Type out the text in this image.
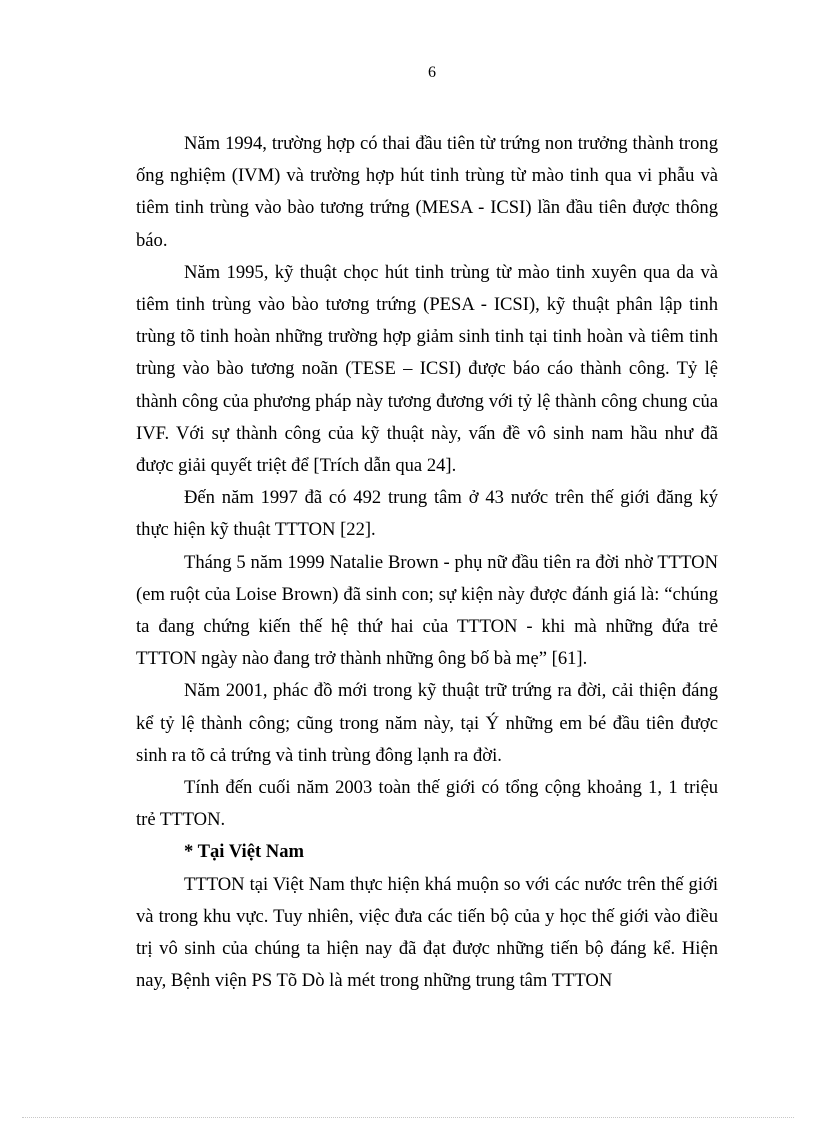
6

Năm 1994, trường hợp có thai đầu tiên từ trứng non trưởng thành trong ống nghiệm (IVM) và trường hợp hút tinh trùng từ mào tinh qua vi phẫu và tiêm tinh trùng vào bào tương trứng (MESA - ICSI) lần đầu tiên được thông báo.

Năm 1995, kỹ thuật chọc hút tinh trùng từ mào tinh xuyên qua da và tiêm tinh trùng vào bào tương trứng (PESA - ICSI), kỹ thuật phân lập tinh trùng tõ tinh hoàn những trường hợp giảm sinh tinh tại tinh hoàn và tiêm tinh trùng vào bào tương noãn (TESE – ICSI) được báo cáo thành công. Tỷ lệ thành công của phương pháp này tương đương với tỷ lệ thành công chung của IVF. Với sự thành công của kỹ thuật này, vấn đề vô sinh nam hầu như đã được giải quyết triệt để [Trích dẫn qua 24].

Đến năm 1997 đã có 492 trung tâm ở 43 nước trên thế giới đăng ký thực hiện kỹ thuật TTTON [22].

Tháng 5 năm 1999 Natalie Brown - phụ nữ đầu tiên ra đời nhờ TTTON (em ruột của Loise Brown) đã sinh con; sự kiện này được đánh giá là: “chúng ta đang chứng kiến thế hệ thứ hai của TTTON - khi mà những đứa trẻ TTTON ngày nào đang trở thành những ông bố bà mẹ” [61].

Năm 2001, phác đồ mới trong kỹ thuật trữ trứng ra đời, cải thiện đáng kể tỷ lệ thành công; cũng trong năm này, tại Ý những em bé đầu tiên được sinh ra tõ cả trứng và tinh trùng đông lạnh ra đời.

Tính đến cuối năm 2003 toàn thế giới có tổng cộng khoảng 1, 1 triệu trẻ TTTON.

* Tại Việt Nam

TTTON tại Việt Nam thực hiện khá muộn so với các nước trên thế giới và trong khu vực. Tuy nhiên, việc đưa các tiến bộ của y học thế giới vào điều trị vô sinh của chúng ta hiện nay đã đạt được những tiến bộ đáng kể. Hiện nay, Bệnh viện PS Tõ Dò là mét trong những trung tâm TTTON
